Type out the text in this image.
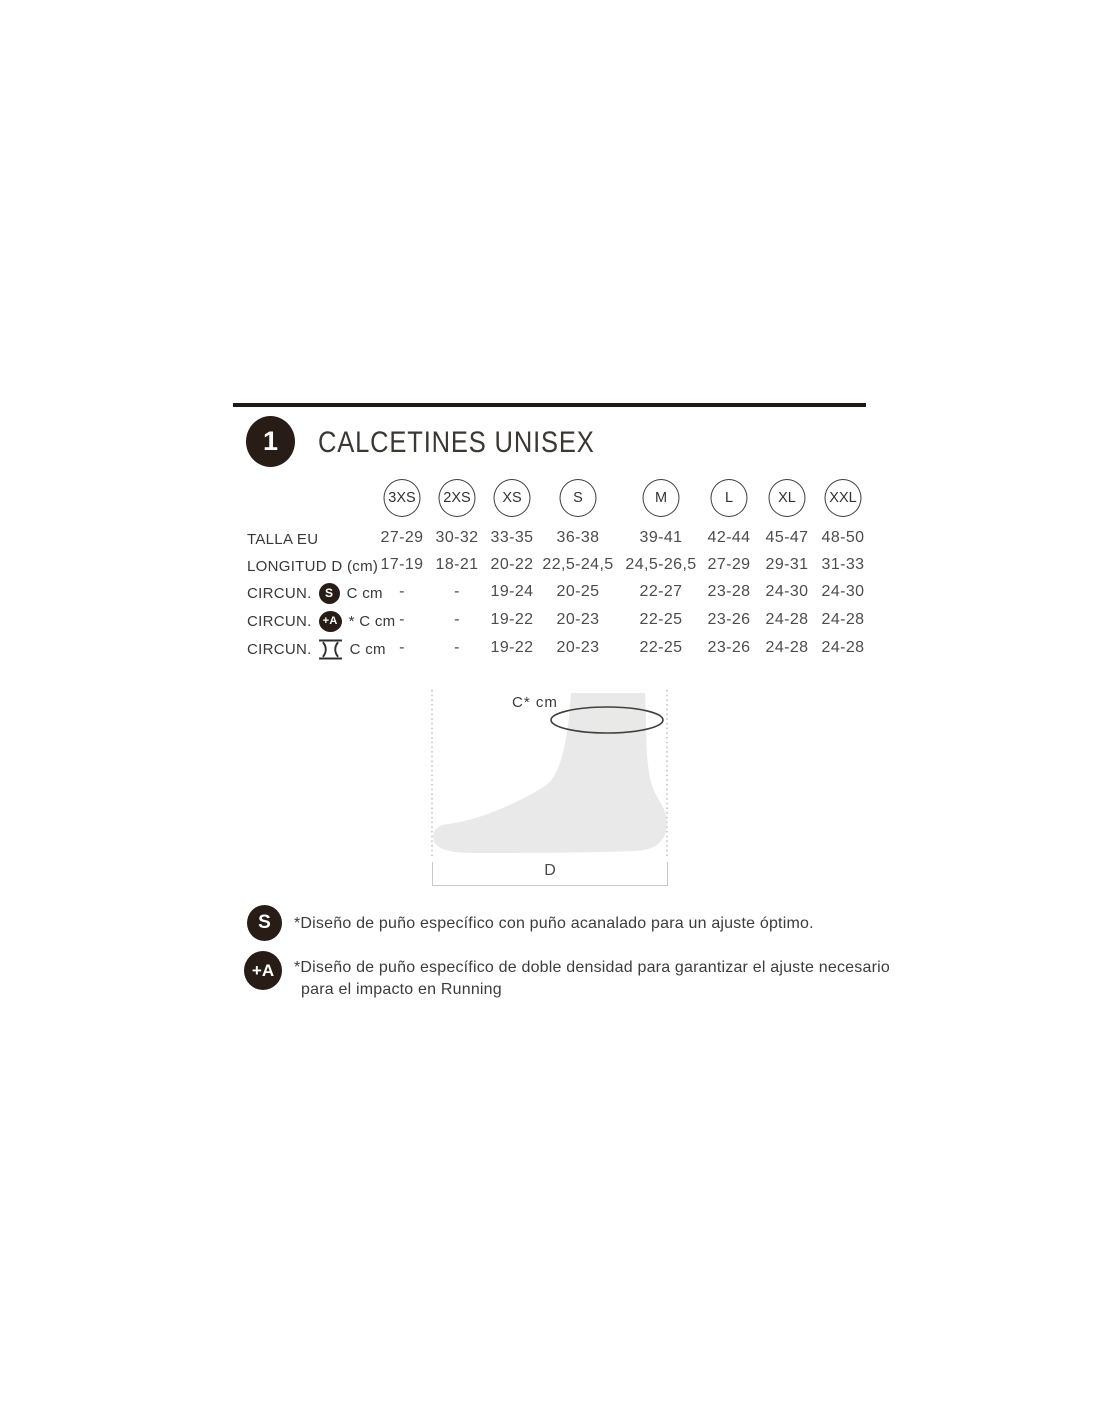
1 CALCETINES UNISEX
3XS	2XS	XS	S	M	L	XL	XXL
TALLA EU	27-29 30-32 33-35 36-38	39-41 42-44 45-47 48-50
LONGITUD D (cm) 17-19 18-21 20-22 22,5-24,5 24,5-26,5 27-29 29-31 31-33
CIRCUN.	S C cm -	- 19-24 20-25	22-27 23-28 24-30 24-30
CIRCUN.	+A * C cm -	- 19-22 20-23	22-25 23-26 24-28 24-28
CIRCUN.	C cm -	- 19-22 20-23	22-25 23-26 24-28 24-28
C* cm
D
S *Diseño de puño específico con puño acanalado para un ajuste óptimo.
+A *Diseño de puño específico de doble densidad para garantizar el ajuste necesario para el impacto en Running
